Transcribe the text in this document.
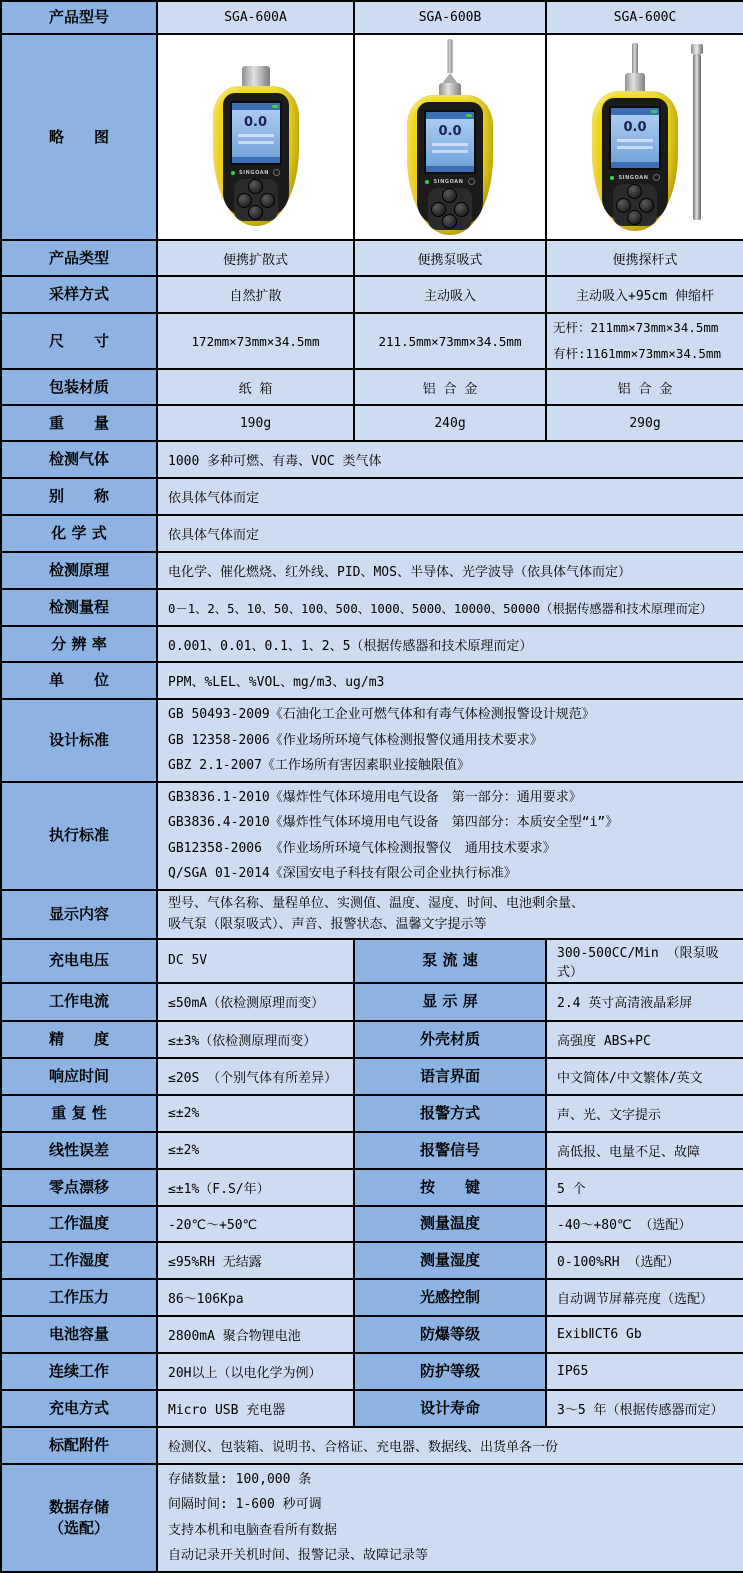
产品型号	SGA-600A	SGA-600B	SGA-600C
略　　图	
0.0
SINGOAN

0.0
SINGOAN

0.0
SINGOAN

产品类型	便携扩散式	便携泵吸式	便携探杆式
采样方式	自然扩散	主动吸入	主动吸入+95cm 伸缩杆
尺　　寸	172mm×73mm×34.5mm	211.5mm×73mm×34.5mm	无杆：211mm×73mm×34.5mm
有杆:1161mm×73mm×34.5mm

包装材质	纸 箱	铝 合 金	铝 合 金
重　　量	190g	240g	290g
检测气体	1000 多种可燃、有毒、VOC 类气体		
别　　称	依具体气体而定		
化 学 式	依具体气体而定		
检测原理	电化学、催化燃烧、红外线、PID、MOS、半导体、光学波导（依具体气体而定）		
检测量程	0－1、2、5、10、50、100、500、1000、5000、10000、50000（根据传感器和技术原理而定）		
分 辨 率	0.001、0.01、0.1、1、2、5（根据传感器和技术原理而定）		
单　　位	PPM、%LEL、%VOL、mg/m3、ug/m3		
设计标准	GB 50493-2009《石油化工企业可燃气体和有毒气体检测报警设计规范》
GB 12358-2006《作业场所环境气体检测报警仪通用技术要求》
GBZ 2.1-2007《工作场所有害因素职业接触限值》		

执行标准	GB3836.1-2010《爆炸性气体环境用电气设备　第一部分：通用要求》
GB3836.4-2010《爆炸性气体环境用电气设备　第四部分：本质安全型“i”》
GB12358-2006 《作业场所环境气体检测报警仪　通用技术要求》
Q/SGA 01-2014《深国安电子科技有限公司企业执行标准》		

显示内容	型号、气体名称、量程单位、实测值、温度、湿度、时间、电池剩余量、
吸气泵（限泵吸式）、声音、报警状态、温馨文字提示等		

充电电压	DC 5V	泵 流 速	300-500CC/Min （限泵吸式）
工作电流	≤50mA（依检测原理而变）	显 示 屏	2.4 英寸高清液晶彩屏
精　　度	≤±3%（依检测原理而变）	外壳材质	高强度 ABS+PC
响应时间	≤20S （个别气体有所差异）	语言界面	中文简体/中文繁体/英文
重 复 性	≤±2%	报警方式	声、光、文字提示
线性误差	≤±2%	报警信号	高低报、电量不足、故障
零点漂移	≤±1%（F.S/年）	按　　键	5 个
工作温度	-20℃～+50℃	测量温度	-40～+80℃ （选配）
工作湿度	≤95%RH 无结露	测量湿度	0-100%RH （选配）
工作压力	86～106Kpa	光感控制	自动调节屏幕亮度（选配）
电池容量	2800mA 聚合物锂电池	防爆等级	ExibⅡCT6 Gb
连续工作	20H以上（以电化学为例）	防护等级	IP65
充电方式	Micro USB 充电器	设计寿命	3～5 年（根据传感器而定）
标配附件	检测仪、包装箱、说明书、合格证、充电器、数据线、出货单各一份		

数据存储
（选配）

存储数量: 100,000 条
间隔时间: 1-600 秒可调
支持本机和电脑查看所有数据
自动记录开关机时间、报警记录、故障记录等
